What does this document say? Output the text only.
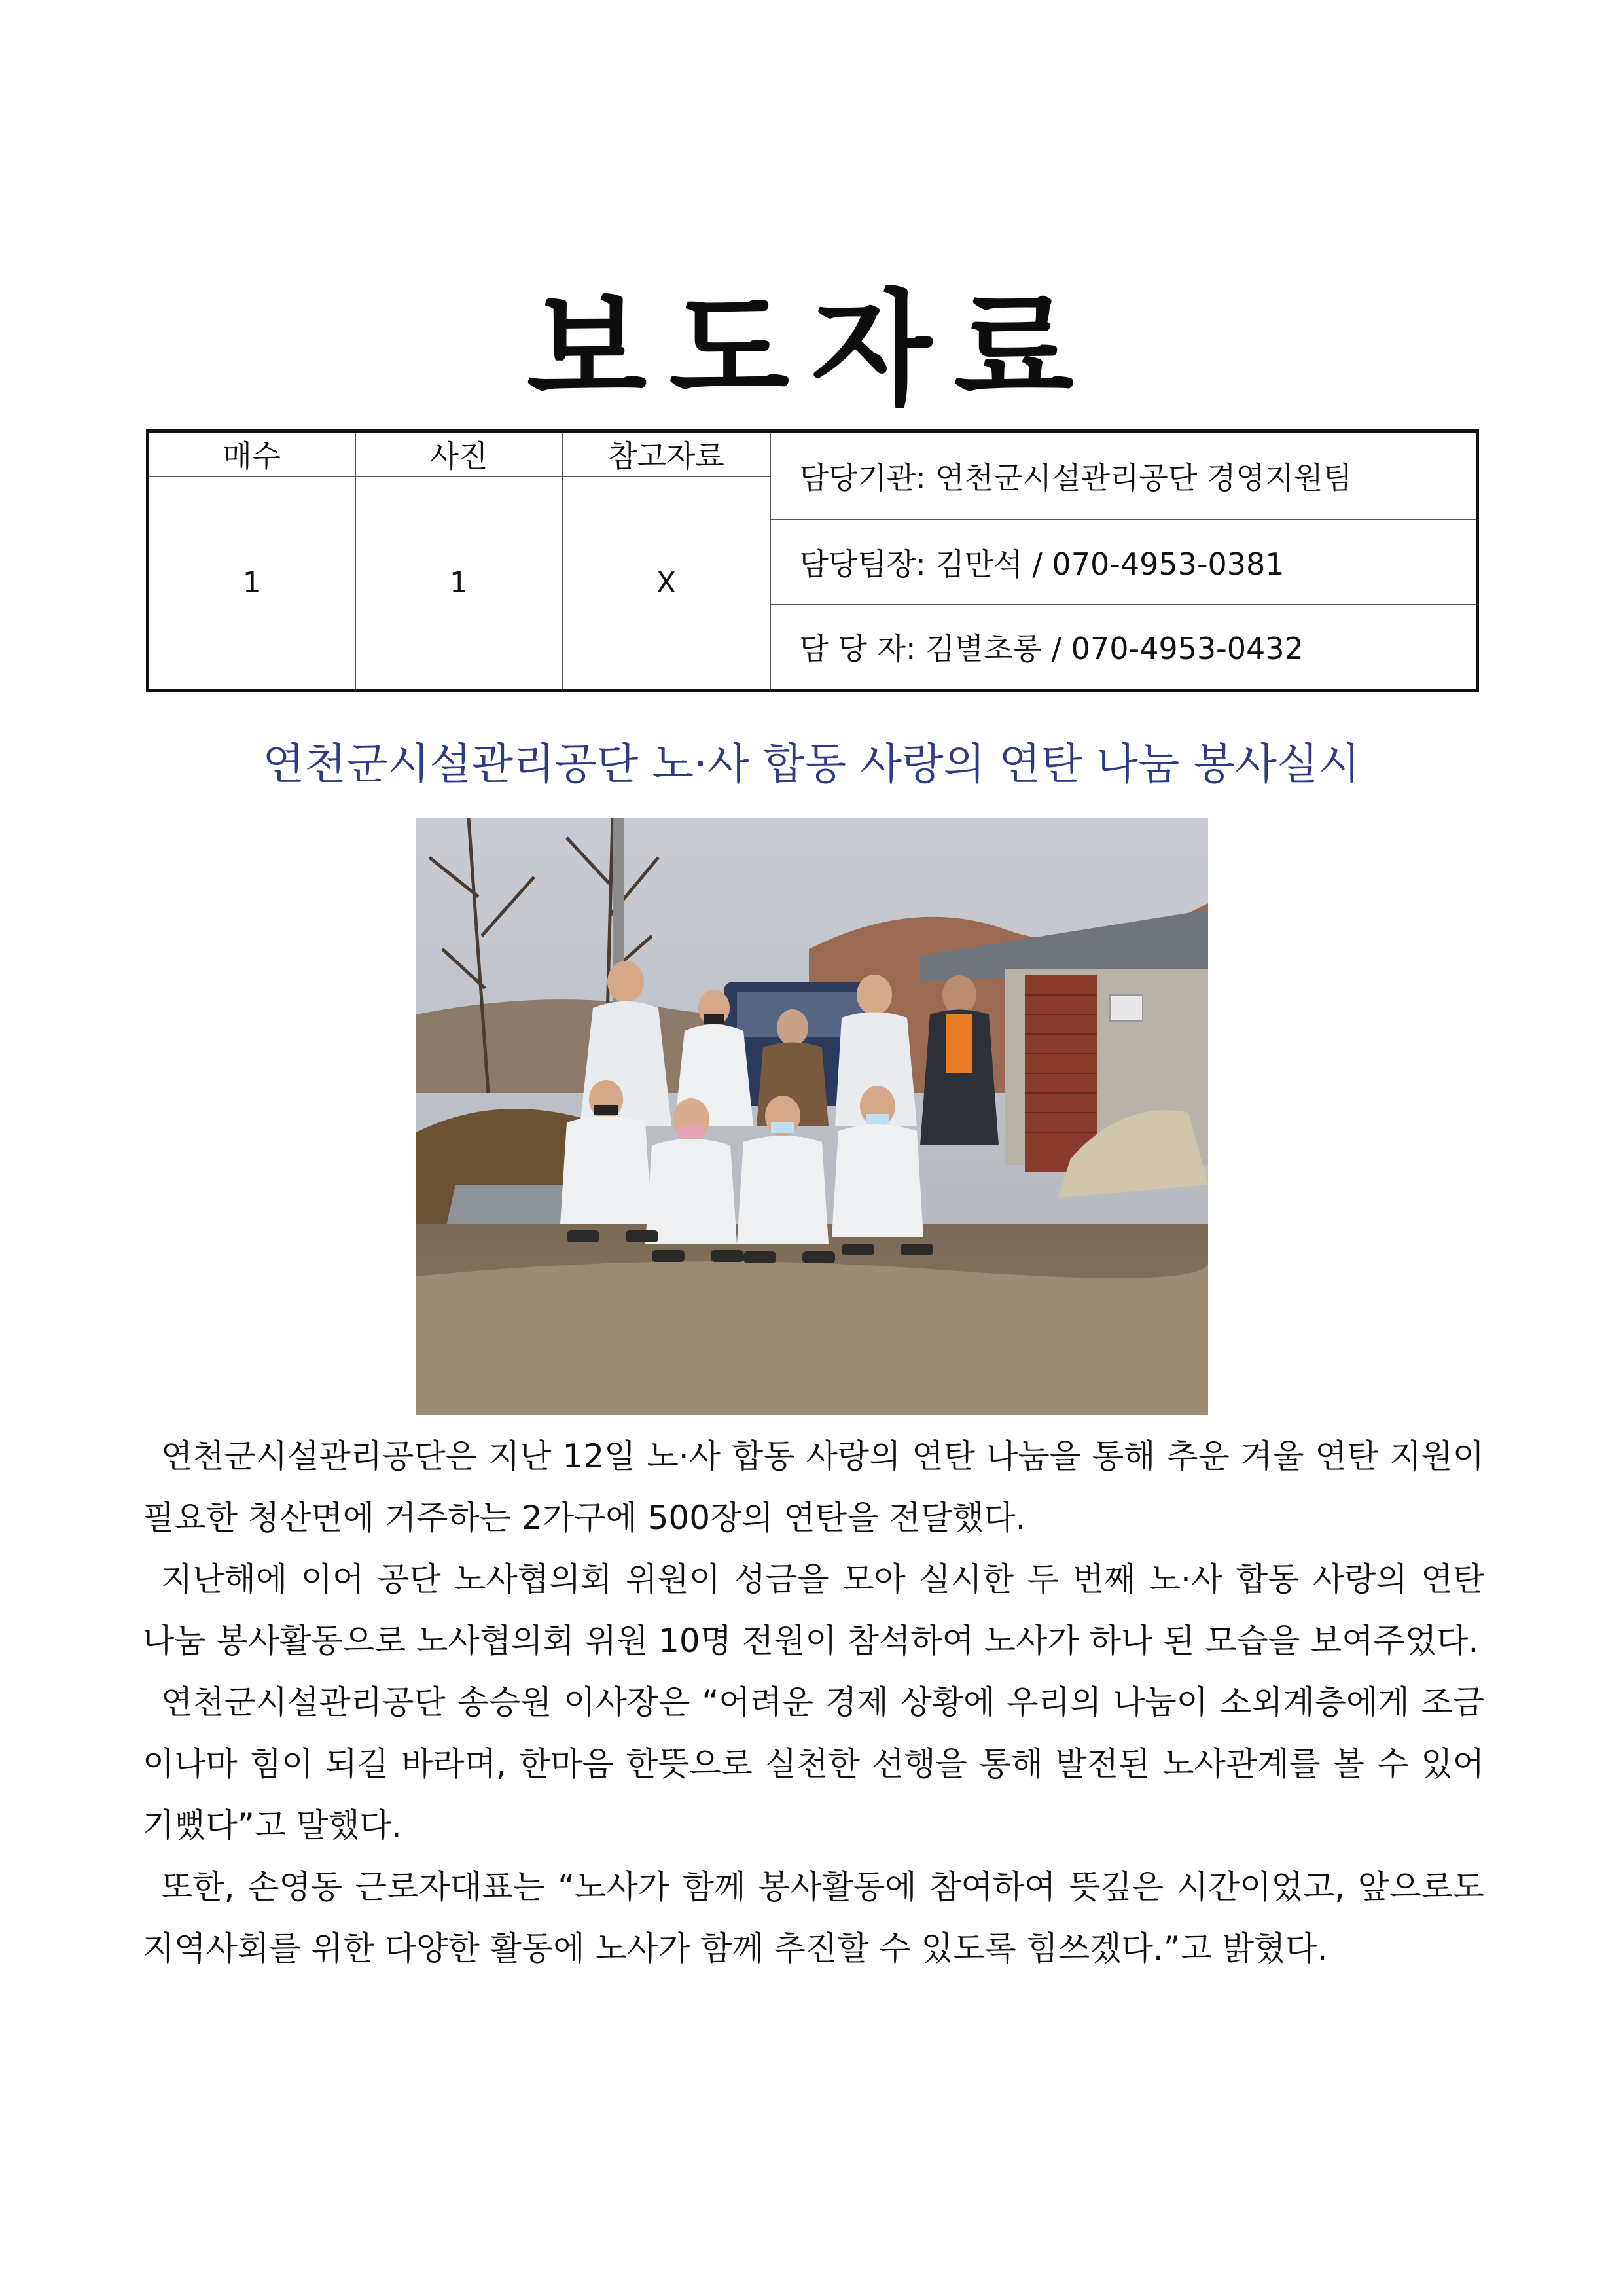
보도자료
매수	사진	참고자료	담당기관: 연천군시설관리공단 경영지원팀
1	1	X	
			담당팀장: 김만석 / 070-4953-0381
			담 당 자: 김별초롱 / 070-4953-0432
연천군시설관리공단 노·사 합동 사랑의 연탄 나눔 봉사실시

연천군시설관리공단은 지난 12일 노·사 합동 사랑의 연탄 나눔을 통해 추운 겨울 연탄 지원이 필요한 청산면에 거주하는 2가구에 500장의 연탄을 전달했다.

지난해에 이어 공단 노사협의회 위원이 성금을 모아 실시한 두 번째 노·사 합동 사랑의 연탄 나눔 봉사활동으로 노사협의회 위원 10명 전원이 참석하여 노사가 하나 된 모습을 보여주었다.

연천군시설관리공단 송승원 이사장은 “어려운 경제 상황에 우리의 나눔이 소외계층에게 조금이나마 힘이 되길 바라며, 한마음 한뜻으로 실천한 선행을 통해 발전된 노사관계를 볼 수 있어 기뻤다”고 말했다.

또한, 손영동 근로자대표는 “노사가 함께 봉사활동에 참여하여 뜻깊은 시간이었고, 앞으로도 지역사회를 위한 다양한 활동에 노사가 함께 추진할 수 있도록 힘쓰겠다.”고 밝혔다.
